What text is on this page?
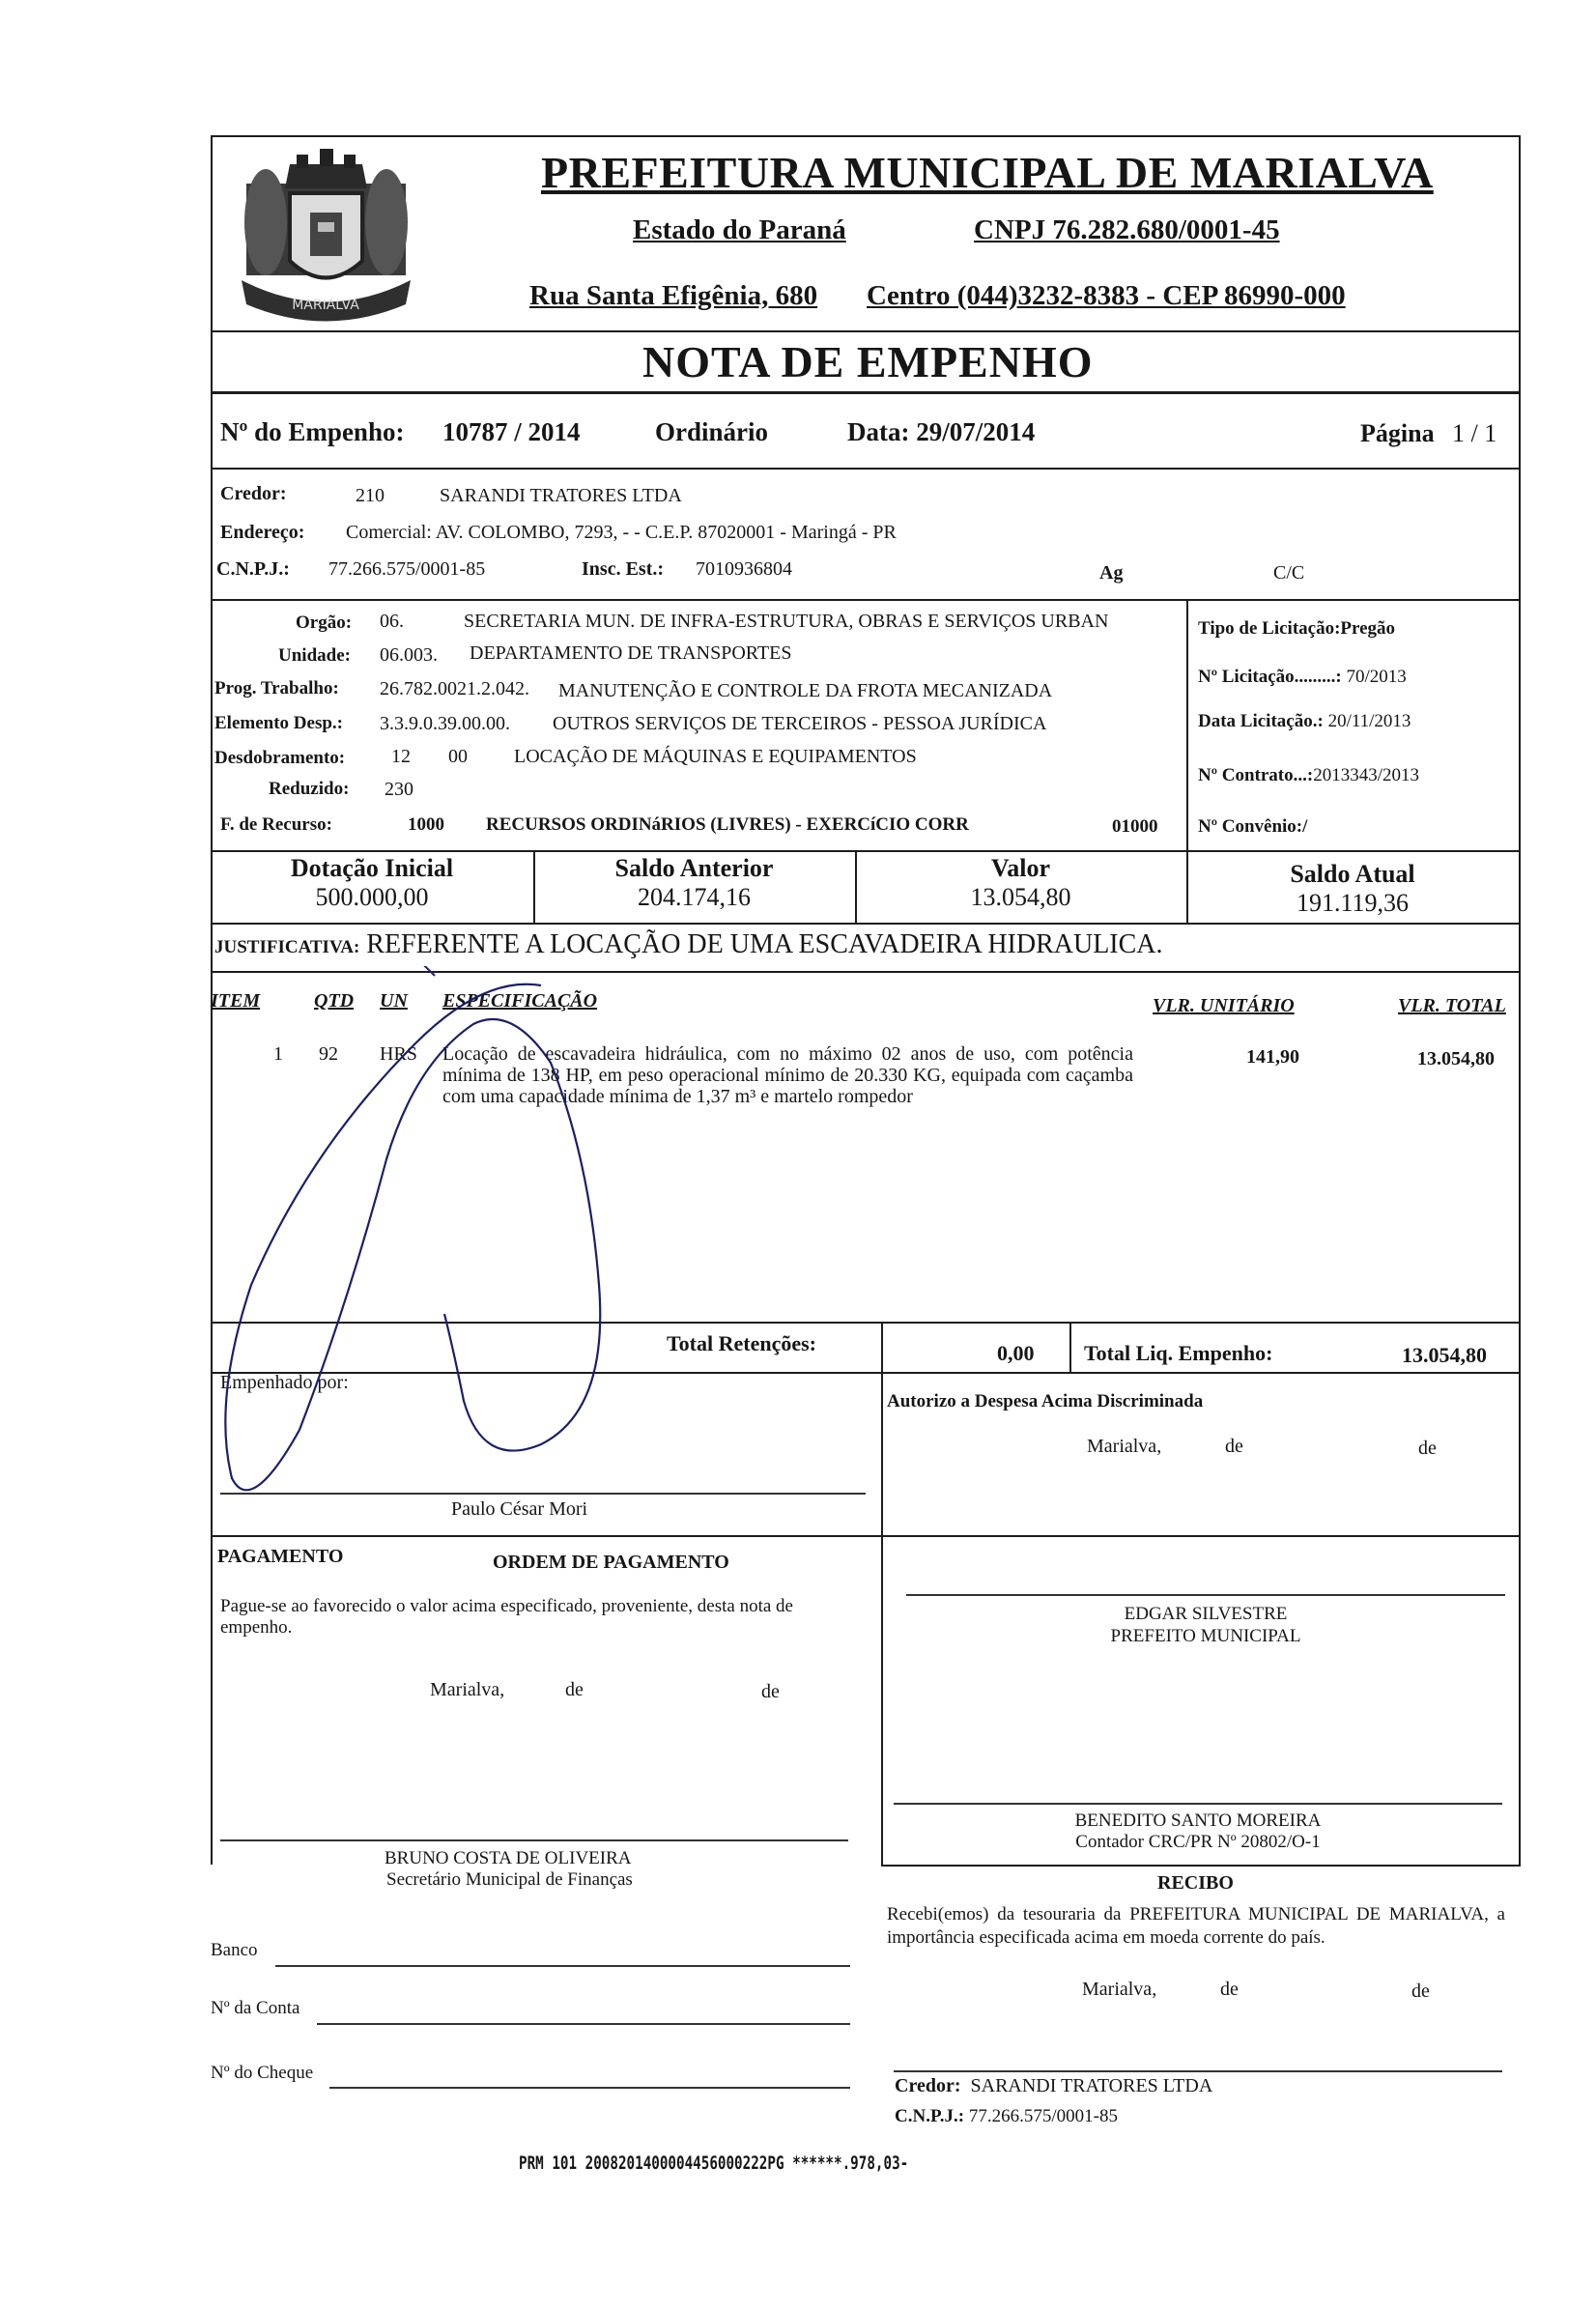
MARIALVA
PREFEITURA MUNICIPAL DE MARIALVA
Estado do Paraná	CNPJ 76.282.680/0001-45
Rua Santa Efigênia, 680 Centro (044)3232-8383 - CEP 86990-000
NOTA DE EMPENHO
Nº do Empenho: 10787 / 2014	Ordinário	Data: 29/07/2014	Página 1 / 1
Credor:	210	SARANDI TRATORES LTDA
Endereço: Comercial: AV. COLOMBO, 7293, - - C.E.P. 87020001 - Maringá - PR
C.N.P.J.: 77.266.575/0001-85	Insc. Est.: 7010936804	Ag	C/C
Orgão: 06.	SECRETARIA MUN. DE INFRA-ESTRUTURA, OBRAS E SERVIÇOS URBAN
Unidade: 06.003. DEPARTAMENTO DE TRANSPORTES
Prog. Trabalho: 26.782.0021.2.042. MANUTENÇÃO E CONTROLE DA FROTA MECANIZADA
Elemento Desp.: 3.3.9.0.39.00.00. OUTROS SERVIÇOS DE TERCEIROS - PESSOA JURÍDICA
Desdobramento: 12 00 LOCAÇÃO DE MÁQUINAS E EQUIPAMENTOS
Reduzido: 230
F. de Recurso:	1000 RECURSOS ORDINáRIOS (LIVRES) - EXERCíCIO CORR	01000
Tipo de Licitação:Pregão
Nº Licitação.........: 70/2013
Data Licitação.: 20/11/2013
Nº Contrato...:2013343/2013
Nº Convênio:/
Dotação Inicial
500.000,00
Saldo Anterior
204.174,16
Valor
13.054,80
Saldo Atual
191.119,36
JUSTIFICATIVA: REFERENTE A LOCAÇÃO DE UMA ESCAVADEIRA HIDRAULICA.
ITEM	QTD UN ESPECIFICAÇÃO	VLR. UNITÁRIO	VLR. TOTAL
1 92 HRS Locação de escavadeira hidráulica, com no máximo 02 anos de uso, com potência mínima de 138 HP, em peso operacional mínimo de 20.330 KG, equipada com caçamba com uma capacidade mínima de 1,37 m³ e martelo rompedor
141,90	13.054,80
Total Retenções:	0,00 Total Liq. Empenho:	13.054,80
Empenhado por:
Paulo César Mori
Autorizo a Despesa Acima Discriminada
Marialva,	de	de
PAGAMENTO	ORDEM DE PAGAMENTO
Pague-se ao favorecido o valor acima especificado, proveniente, desta nota de empenho.
Marialva,	de	de
EDGAR SILVESTRE
PREFEITO MUNICIPAL
BENEDITO SANTO MOREIRA
Contador CRC/PR Nº 20802/O-1
BRUNO COSTA DE OLIVEIRA
Secretário Municipal de Finanças	RECIBO
Recebi(emos) da tesouraria da PREFEITURA MUNICIPAL DE MARIALVA, a importância especificada acima em moeda corrente do país.
Marialva,	de	de
Banco
Nº da Conta
Nº do Cheque
Credor: SARANDI TRATORES LTDA
C.N.P.J.: 77.266.575/0001-85
PRM 101 2008201400004456000222PG ******.978,03-
